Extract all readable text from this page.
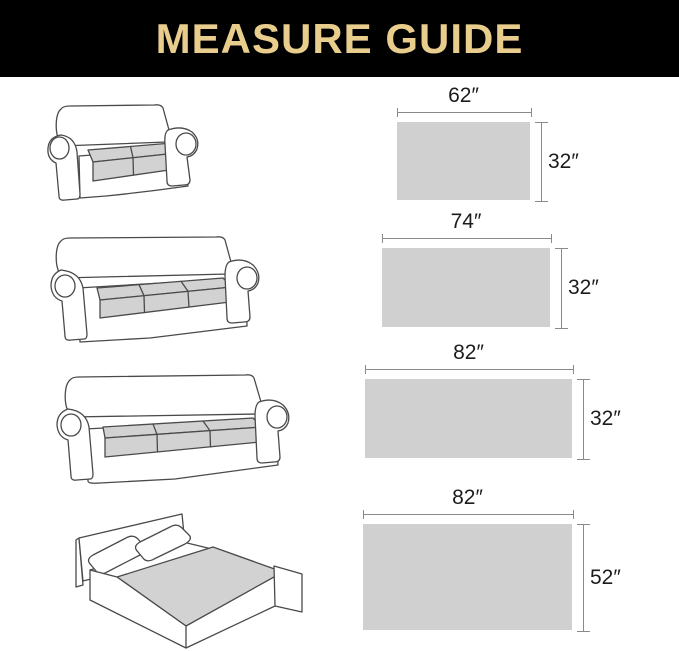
MEASURE GUIDE
62″
32″
74″
32″
82″
32″
82″
52″
